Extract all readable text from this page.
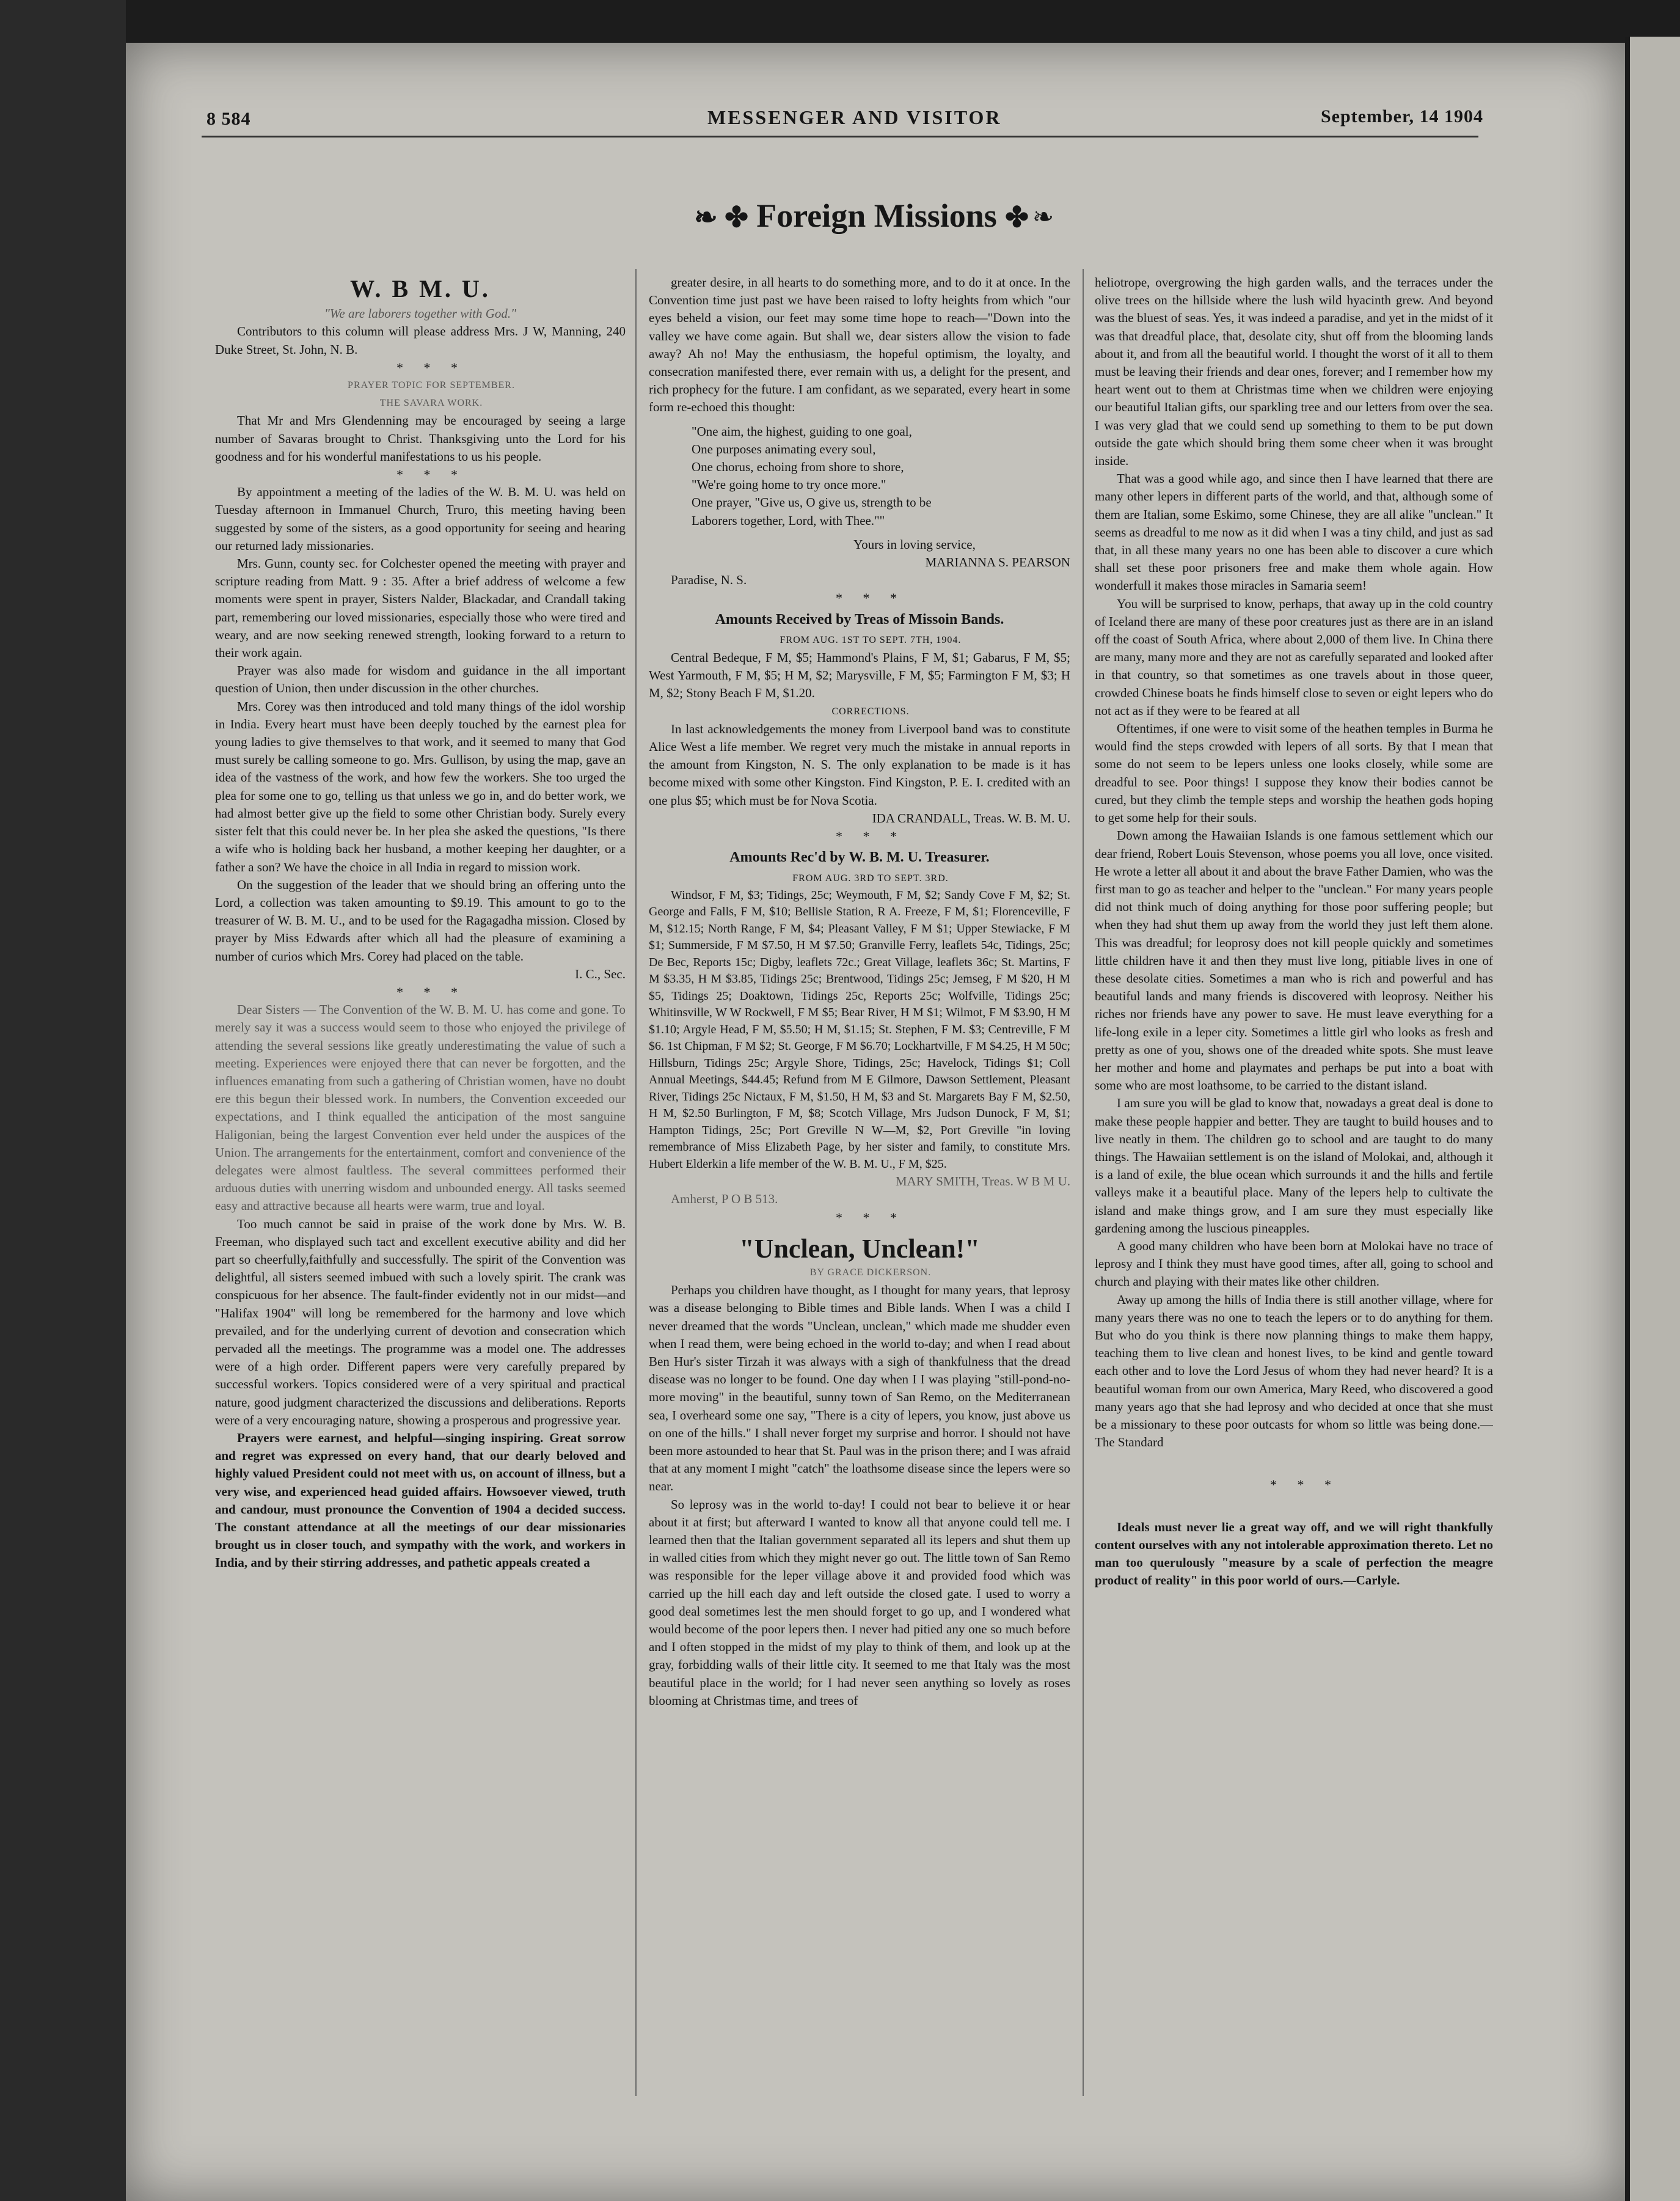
8 584	MESSENGER AND VISITOR	September, 14 1904
❧ ✤ Foreign Missions ✤ ❧
W. B M. U.

"We are laborers together with God."

Contributors to this column will please address Mrs. J W, Manning, 240 Duke Street, St. John, N. B.

* * *

PRAYER TOPIC FOR SEPTEMBER.

THE SAVARA WORK.

That Mr and Mrs Glendenning may be encouraged by seeing a large number of Savaras brought to Christ. Thanksgiving unto the Lord for his goodness and for his wonderful manifestations to us his people.

* * *

By appointment a meeting of the ladies of the W. B. M. U. was held on Tuesday afternoon in Immanuel Church, Truro, this meeting having been suggested by some of the sisters, as a good opportunity for seeing and hearing our returned lady missionaries.

Mrs. Gunn, county sec. for Colchester opened the meeting with prayer and scripture reading from Matt. 9 : 35. After a brief address of welcome a few moments were spent in prayer, Sisters Nalder, Blackadar, and Crandall taking part, remembering our loved missionaries, especially those who were tired and weary, and are now seeking renewed strength, looking forward to a return to their work again.

Prayer was also made for wisdom and guidance in the all important question of Union, then under discussion in the other churches.

Mrs. Corey was then introduced and told many things of the idol worship in India. Every heart must have been deeply touched by the earnest plea for young ladies to give themselves to that work, and it seemed to many that God must surely be calling someone to go. Mrs. Gullison, by using the map, gave an idea of the vastness of the work, and how few the workers. She too urged the plea for some one to go, telling us that unless we go in, and do better work, we had almost better give up the field to some other Christian body. Surely every sister felt that this could never be. In her plea she asked the questions, "Is there a wife who is holding back her husband, a mother keeping her daughter, or a father a son? We have the choice in all India in regard to mission work.

On the suggestion of the leader that we should bring an offering unto the Lord, a collection was taken amounting to $9.19. This amount to go to the treasurer of W. B. M. U., and to be used for the Ragagadha mission. Closed by prayer by Miss Edwards after which all had the pleasure of examining a number of curios which Mrs. Corey had placed on the table.

I. C., Sec.

* * *

Dear Sisters — The Convention of the W. B. M. U. has come and gone. To merely say it was a success would seem to those who enjoyed the privilege of attending the several sessions like greatly underestimating the value of such a meeting. Experiences were enjoyed there that can never be forgotten, and the influences emanating from such a gathering of Christian women, have no doubt ere this begun their blessed work. In numbers, the Convention exceeded our expectations, and I think equalled the anticipation of the most sanguine Haligonian, being the largest Convention ever held under the auspices of the Union. The arrangements for the entertainment, comfort and convenience of the delegates were almost faultless. The several committees performed their arduous duties with unerring wisdom and unbounded energy. All tasks seemed easy and attractive because all hearts were warm, true and loyal.

Too much cannot be said in praise of the work done by Mrs. W. B. Freeman, who displayed such tact and excellent executive ability and did her part so cheerfully,faithfully and successfully. The spirit of the Convention was delightful, all sisters seemed imbued with such a lovely spirit. The crank was conspicuous for her absence. The fault-finder evidently not in our midst—and "Halifax 1904" will long be remembered for the harmony and love which prevailed, and for the underlying current of devotion and consecration which pervaded all the meetings. The programme was a model one. The addresses were of a high order. Different papers were very carefully prepared by successful workers. Topics considered were of a very spiritual and practical nature, good judgment characterized the discussions and deliberations. Reports were of a very encouraging nature, showing a prosperous and progressive year.

Prayers were earnest, and helpful—singing inspiring. Great sorrow and regret was expressed on every hand, that our dearly beloved and highly valued President could not meet with us, on account of illness, but a very wise, and experienced head guided affairs. Howsoever viewed, truth and candour, must pronounce the Convention of 1904 a decided success. The constant attendance at all the meetings of our dear missionaries brought us in closer touch, and sympathy with the work, and workers in India, and by their stirring addresses, and pathetic appeals created a

greater desire, in all hearts to do something more, and to do it at once. In the Convention time just past we have been raised to lofty heights from which "our eyes beheld a vision, our feet may some time hope to reach—"Down into the valley we have come again. But shall we, dear sisters allow the vision to fade away? Ah no! May the enthusiasm, the hopeful optimism, the loyalty, and consecration manifested there, ever remain with us, a delight for the present, and rich prophecy for the future. I am confidant, as we separated, every heart in some form re-echoed this thought:

"One aim, the highest, guiding to one goal,
One purposes animating every soul,
One chorus, echoing from shore to shore,
"We're going home to try once more."
One prayer, "Give us, O give us, strength to be
Laborers together, Lord, with Thee.""

Yours in loving service,

MARIANNA S. PEARSON

Paradise, N. S.

* * *

Amounts Received by Treas of Missoin Bands.

FROM AUG. 1ST TO SEPT. 7TH, 1904.

Central Bedeque, F M, $5; Hammond's Plains, F M, $1; Gabarus, F M, $5; West Yarmouth, F M, $5; H M, $2; Marysville, F M, $5; Farmington F M, $3; H M, $2; Stony Beach F M, $1.20.

CORRECTIONS.

In last acknowledgements the money from Liverpool band was to constitute Alice West a life member. We regret very much the mistake in annual reports in the amount from Kingston, N. S. The only explanation to be made is it has become mixed with some other Kingston. Find Kingston, P. E. I. credited with an one plus $5; which must be for Nova Scotia.

IDA CRANDALL, Treas. W. B. M. U.

* * *

Amounts Rec'd by W. B. M. U. Treasurer.

FROM AUG. 3RD TO SEPT. 3RD.

Windsor, F M, $3; Tidings, 25c; Weymouth, F M, $2; Sandy Cove F M, $2; St. George and Falls, F M, $10; Bellisle Station, R A. Freeze, F M, $1; Florenceville, F M, $12.15; North Range, F M, $4; Pleasant Valley, F M $1; Upper Stewiacke, F M $1; Summerside, F M $7.50, H M $7.50; Granville Ferry, leaflets 54c, Tidings, 25c; De Bec, Reports 15c; Digby, leaflets 72c.; Great Village, leaflets 36c; St. Martins, F M $3.35, H M $3.85, Tidings 25c; Brentwood, Tidings 25c; Jemseg, F M $20, H M $5, Tidings 25; Doaktown, Tidings 25c, Reports 25c; Wolfville, Tidings 25c; Whitinsville, W W Rockwell, F M $5; Bear River, H M $1; Wilmot, F M $3.90, H M $1.10; Argyle Head, F M, $5.50; H M, $1.15; St. Stephen, F M. $3; Centreville, F M $6. 1st Chipman, F M $2; St. George, F M $6.70; Lockhartville, F M $4.25, H M 50c; Hillsburn, Tidings 25c; Argyle Shore, Tidings, 25c; Havelock, Tidings $1; Coll Annual Meetings, $44.45; Refund from M E Gilmore, Dawson Settlement, Pleasant River, Tidings 25c Nictaux, F M, $1.50, H M, $3 and St. Margarets Bay F M, $2.50, H M, $2.50 Burlington, F M, $8; Scotch Village, Mrs Judson Dunock, F M, $1; Hampton Tidings, 25c; Port Greville N W—M, $2, Port Greville "in loving remembrance of Miss Elizabeth Page, by her sister and family, to constitute Mrs. Hubert Elderkin a life member of the W. B. M. U., F M, $25.

MARY SMITH, Treas. W B M U.

Amherst, P O B 513.

* * *

"Unclean, Unclean!"

BY GRACE DICKERSON.

Perhaps you children have thought, as I thought for many years, that leprosy was a disease belonging to Bible times and Bible lands. When I was a child I never dreamed that the words "Unclean, unclean," which made me shudder even when I read them, were being echoed in the world to-day; and when I read about Ben Hur's sister Tirzah it was always with a sigh of thankfulness that the dread disease was no longer to be found. One day when I I was playing "still-pond-no-more moving" in the beautiful, sunny town of San Remo, on the Mediterranean sea, I overheard some one say, "There is a city of lepers, you know, just above us on one of the hills." I shall never forget my surprise and horror. I should not have been more astounded to hear that St. Paul was in the prison there; and I was afraid that at any moment I might "catch" the loathsome disease since the lepers were so near.

So leprosy was in the world to-day! I could not bear to believe it or hear about it at first; but afterward I wanted to know all that anyone could tell me. I learned then that the Italian government separated all its lepers and shut them up in walled cities from which they might never go out. The little town of San Remo was responsible for the leper village above it and provided food which was carried up the hill each day and left outside the closed gate. I used to worry a good deal sometimes lest the men should forget to go up, and I wondered what would become of the poor lepers then. I never had pitied any one so much before and I often stopped in the midst of my play to think of them, and look up at the gray, forbidding walls of their little city. It seemed to me that Italy was the most beautiful place in the world; for I had never seen anything so lovely as roses blooming at Christmas time, and trees of

heliotrope, overgrowing the high garden walls, and the terraces under the olive trees on the hillside where the lush wild hyacinth grew. And beyond was the bluest of seas. Yes, it was indeed a paradise, and yet in the midst of it was that dreadful place, that, desolate city, shut off from the blooming lands about it, and from all the beautiful world. I thought the worst of it all to them must be leaving their friends and dear ones, forever; and I remember how my heart went out to them at Christmas time when we children were enjoying our beautiful Italian gifts, our sparkling tree and our letters from over the sea. I was very glad that we could send up something to them to be put down outside the gate which should bring them some cheer when it was brought inside.

That was a good while ago, and since then I have learned that there are many other lepers in different parts of the world, and that, although some of them are Italian, some Eskimo, some Chinese, they are all alike "unclean." It seems as dreadful to me now as it did when I was a tiny child, and just as sad that, in all these many years no one has been able to discover a cure which shall set these poor prisoners free and make them whole again. How wonderfull it makes those miracles in Samaria seem!

You will be surprised to know, perhaps, that away up in the cold country of Iceland there are many of these poor creatures just as there are in an island off the coast of South Africa, where about 2,000 of them live. In China there are many, many more and they are not as carefully separated and looked after in that country, so that sometimes as one travels about in those queer, crowded Chinese boats he finds himself close to seven or eight lepers who do not act as if they were to be feared at all

Oftentimes, if one were to visit some of the heathen temples in Burma he would find the steps crowded with lepers of all sorts. By that I mean that some do not seem to be lepers unless one looks closely, while some are dreadful to see. Poor things! I suppose they know their bodies cannot be cured, but they climb the temple steps and worship the heathen gods hoping to get some help for their souls.

Down among the Hawaiian Islands is one famous settlement which our dear friend, Robert Louis Stevenson, whose poems you all love, once visited. He wrote a letter all about it and about the brave Father Damien, who was the first man to go as teacher and helper to the "unclean." For many years people did not think much of doing anything for those poor suffering people; but when they had shut them up away from the world they just left them alone. This was dreadful; for leoprosy does not kill people quickly and sometimes little children have it and then they must live long, pitiable lives in one of these desolate cities. Sometimes a man who is rich and powerful and has beautiful lands and many friends is discovered with leoprosy. Neither his riches nor friends have any power to save. He must leave everything for a life-long exile in a leper city. Sometimes a little girl who looks as fresh and pretty as one of you, shows one of the dreaded white spots. She must leave her mother and home and playmates and perhaps be put into a boat with some who are most loathsome, to be carried to the distant island.

I am sure you will be glad to know that, nowadays a great deal is done to make these people happier and better. They are taught to build houses and to live neatly in them. The children go to school and are taught to do many things. The Hawaiian settlement is on the island of Molokai, and, although it is a land of exile, the blue ocean which surrounds it and the hills and fertile valleys make it a beautiful place. Many of the lepers help to cultivate the island and make things grow, and I am sure they must especially like gardening among the luscious pineapples.

A good many children who have been born at Molokai have no trace of leprosy and I think they must have good times, after all, going to school and church and playing with their mates like other children.

Away up among the hills of India there is still another village, where for many years there was no one to teach the lepers or to do anything for them. But who do you think is there now planning things to make them happy, teaching them to live clean and honest lives, to be kind and gentle toward each other and to love the Lord Jesus of whom they had never heard? It is a beautiful woman from our own America, Mary Reed, who discovered a good many years ago that she had leprosy and who decided at once that she must be a missionary to these poor outcasts for whom so little was being done.—The Standard

* * *

Ideals must never lie a great way off, and we will right thankfully content ourselves with any not intolerable approximation thereto. Let no man too querulously "measure by a scale of perfection the meagre product of reality" in this poor world of ours.—Carlyle.
